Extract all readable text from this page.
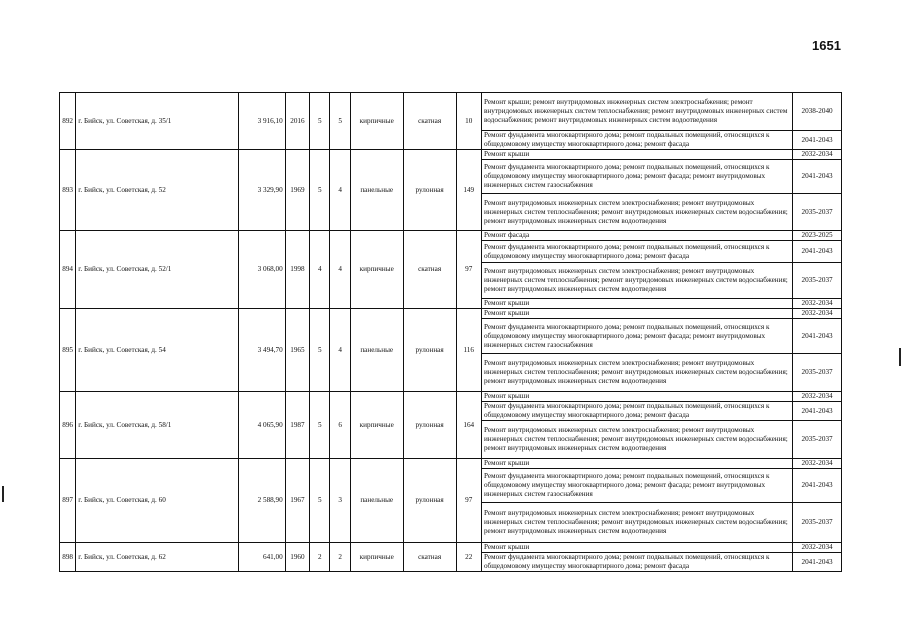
1651
892	г. Бийск, ул. Советская, д. 35/1	3 916,10	2016	5	5	кирпичные	скатная	10	Ремонт крыши; ремонт внутридомовых инженерных систем электроснабжения; ремонт внутридомовых инженерных систем теплоснабжения; ремонт внутридомовых инженерных систем водоснабжения; ремонт внутридомовых инженерных систем водоотведения	2038-2040
									Ремонт фундамента многоквартирного дома; ремонт подвальных помещений, относящихся к общедомовому имуществу многоквартирного дома; ремонт фасада	2041-2043
893	г. Бийск, ул. Советская, д. 52	3 329,90	1969	5	4	панельные	рулонная	149	Ремонт крыши	2032-2034
									Ремонт фундамента многоквартирного дома; ремонт подвальных помещений, относящихся к общедомовому имуществу многоквартирного дома; ремонт фасада; ремонт внутридомовых инженерных систем газоснабжения	2041-2043
									Ремонт внутридомовых инженерных систем электроснабжения; ремонт внутридомовых инженерных систем теплоснабжения; ремонт внутридомовых инженерных систем водоснабжения; ремонт внутридомовых инженерных систем водоотведения	2035-2037
894	г. Бийск, ул. Советская, д. 52/1	3 068,00	1998	4	4	кирпичные	скатная	97	Ремонт фасада	2023-2025
									Ремонт фундамента многоквартирного дома; ремонт подвальных помещений, относящихся к общедомовому имуществу многоквартирного дома; ремонт фасада	2041-2043
									Ремонт внутридомовых инженерных систем электроснабжения; ремонт внутридомовых инженерных систем теплоснабжения; ремонт внутридомовых инженерных систем водоснабжения; ремонт внутридомовых инженерных систем водоотведения	2035-2037
									Ремонт крыши	2032-2034
895	г. Бийск, ул. Советская, д. 54	3 494,70	1965	5	4	панельные	рулонная	116	Ремонт крыши	2032-2034
									Ремонт фундамента многоквартирного дома; ремонт подвальных помещений, относящихся к общедомовому имуществу многоквартирного дома; ремонт фасада; ремонт внутридомовых инженерных систем газоснабжения	2041-2043
									Ремонт внутридомовых инженерных систем электроснабжения; ремонт внутридомовых инженерных систем теплоснабжения; ремонт внутридомовых инженерных систем водоснабжения; ремонт внутридомовых инженерных систем водоотведения	2035-2037
896	г. Бийск, ул. Советская, д. 58/1	4 065,90	1987	5	6	кирпичные	рулонная	164	Ремонт крыши	2032-2034
									Ремонт фундамента многоквартирного дома; ремонт подвальных помещений, относящихся к общедомовому имуществу многоквартирного дома; ремонт фасада	2041-2043
									Ремонт внутридомовых инженерных систем электроснабжения; ремонт внутридомовых инженерных систем теплоснабжения; ремонт внутридомовых инженерных систем водоснабжения; ремонт внутридомовых инженерных систем водоотведения	2035-2037
897	г. Бийск, ул. Советская, д. 60	2 588,90	1967	5	3	панельные	рулонная	97	Ремонт крыши	2032-2034
									Ремонт фундамента многоквартирного дома; ремонт подвальных помещений, относящихся к общедомовому имуществу многоквартирного дома; ремонт фасада; ремонт внутридомовых инженерных систем газоснабжения	2041-2043
									Ремонт внутридомовых инженерных систем электроснабжения; ремонт внутридомовых инженерных систем теплоснабжения; ремонт внутридомовых инженерных систем водоснабжения; ремонт внутридомовых инженерных систем водоотведения	2035-2037
898	г. Бийск, ул. Советская, д. 62	641,00	1960	2	2	кирпичные	скатная	22	Ремонт крыши	2032-2034
									Ремонт фундамента многоквартирного дома; ремонт подвальных помещений, относящихся к общедомовому имуществу многоквартирного дома; ремонт фасада	2041-2043
